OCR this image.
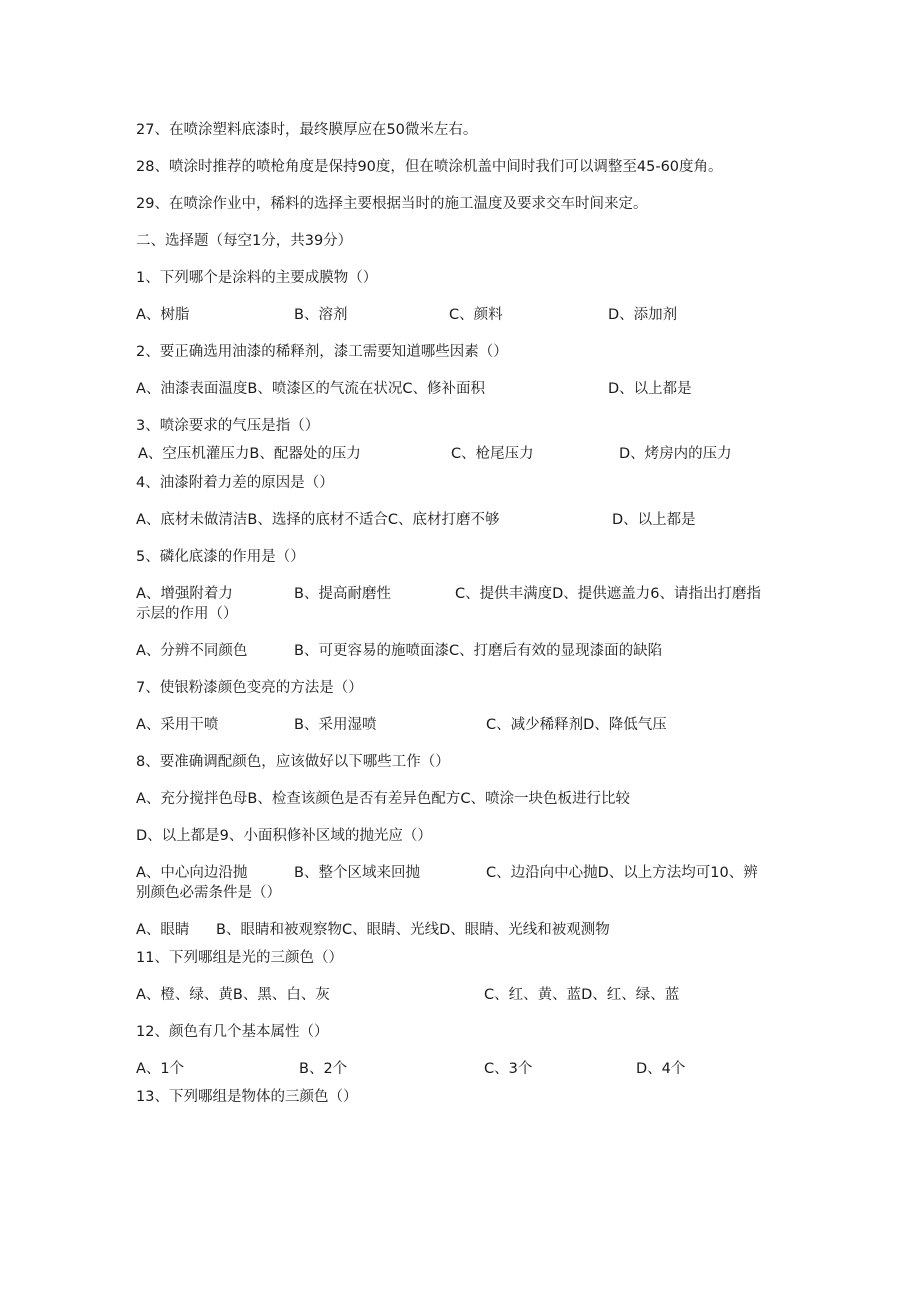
27、在喷涂塑料底漆时，最终膜厚应在50微米左右。
28、喷涂时推荐的喷枪角度是保持90度，但在喷涂机盖中间时我们可以调整至45-60度角。
29、在喷涂作业中，稀料的选择主要根据当时的施工温度及要求交车时间来定。
二、选择题（每空1分，共39分）
1、下列哪个是涂料的主要成膜物（）
A、树脂	B、溶剂	C、颜料	D、添加剂
2、要正确选用油漆的稀释剂，漆工需要知道哪些因素（）
A、油漆表面温度B、喷漆区的气流在状况C、修补面积	D、以上都是
3、喷涂要求的气压是指（）
A、空压机灌压力B、配器处的压力	C、枪尾压力	D、烤房内的压力
4、油漆附着力差的原因是（）
A、底材未做清洁B、选择的底材不适合C、底材打磨不够	D、以上都是
5、磷化底漆的作用是（）
A、增强附着力	B、提高耐磨性	C、提供丰满度D、提供遮盖力6、请指出打磨指
示层的作用（）
A、分辨不同颜色	B、可更容易的施喷面漆C、打磨后有效的显现漆面的缺陷
7、使银粉漆颜色变亮的方法是（）
A、采用干喷	B、采用湿喷	C、减少稀释剂D、降低气压
8、要准确调配颜色，应该做好以下哪些工作（）
A、充分搅拌色母B、检查该颜色是否有差异色配方C、喷涂一块色板进行比较
D、以上都是9、小面积修补区域的抛光应（）
A、中心向边沿抛	B、整个区域来回抛	C、边沿向中心抛D、以上方法均可10、辨
别颜色必需条件是（）
A、眼睛 B、眼睛和被观察物C、眼睛、光线D、眼睛、光线和被观测物
11、下列哪组是光的三颜色（）
A、橙、绿、黄B、黑、白、灰	C、红、黄、蓝D、红、绿、蓝
12、颜色有几个基本属性（）
A、1个	B、2个	C、3个	D、4个
13、下列哪组是物体的三颜色（）
